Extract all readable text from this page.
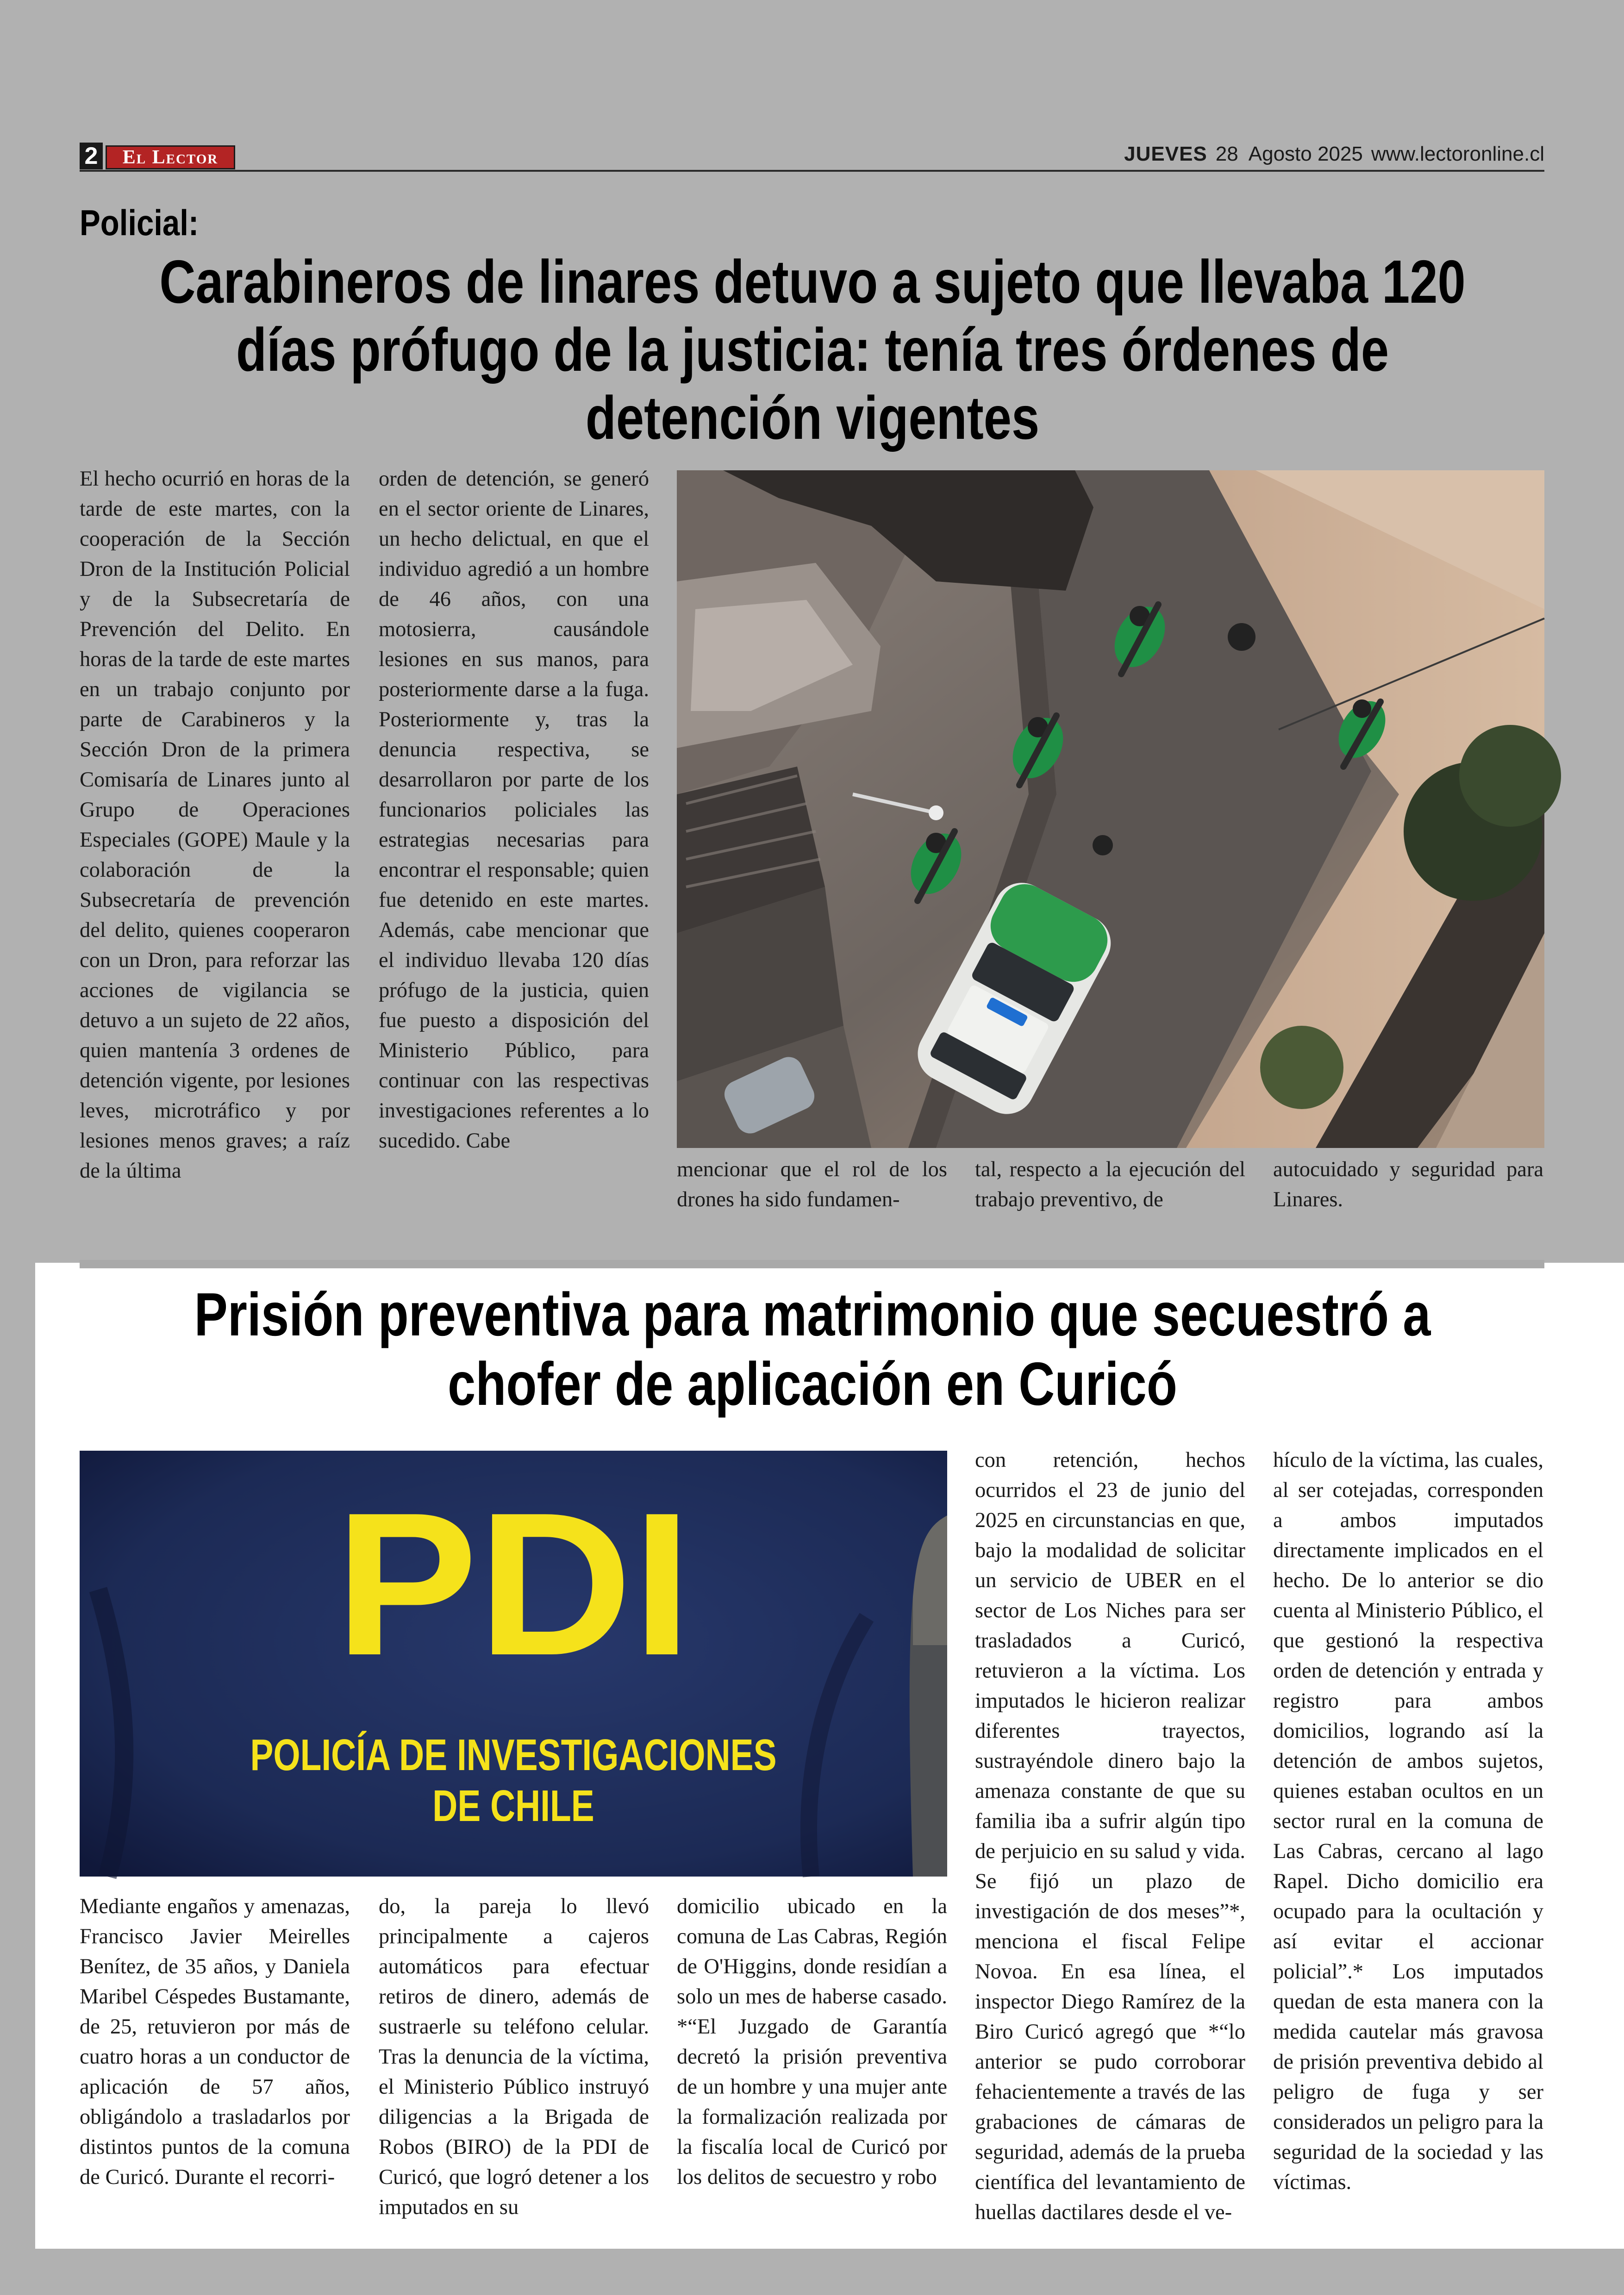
2 El Lector	JUEVES 28  Agosto 2025 www.lectoronline.cl
Policial:
Carabineros de linares detuvo a sujeto que llevaba 120
días prófugo de la justicia: tenía tres órdenes de
detención vigentes

El hecho ocurrió en horas de la tarde de este martes, con la cooperación de la Sección Dron de la Institución Policial y de la Subsecretaría de Prevención del Delito. En horas de la tarde de este martes en un trabajo conjunto por parte de Carabineros y la Sección Dron de la primera Comisaría de Linares junto al Grupo de Operaciones Especiales (GOPE) Maule y la colaboración de la Subsecretaría de prevención del delito, quienes cooperaron con un Dron, para reforzar las acciones de vigilancia se detuvo a un sujeto de 22 años, quien mantenía 3 ordenes de detención vigente, por lesiones leves, microtráfico y por lesiones menos graves; a raíz de la última

orden de detención, se generó en el sector oriente de Linares, un hecho delictual, en que el individuo agredió a un hombre de 46 años, con una motosierra, causándole lesiones en sus manos, para posteriormente darse a la fuga. Posteriormente y, tras la denuncia respectiva, se desarrollaron por parte de los funcionarios policiales las estrategias necesarias para encontrar el responsable; quien fue detenido en este martes. Además, cabe mencionar que el individuo llevaba 120 días prófugo de la justicia, quien fue puesto a disposición del Ministerio Público, para continuar con las respectivas investigaciones referentes a lo sucedido. Cabe

mencionar que el rol de los drones ha sido fundamen-

tal, respecto a la ejecución del trabajo preventivo, de

autocuidado y seguridad para Linares.

Prisión preventiva para matrimonio que secuestró a
chofer de aplicación en Curicó
PDI
POLICÍA DE INVESTIGACIONES
DE CHILE

Mediante engaños y amenazas, Francisco Javier Meirelles Benítez, de 35 años, y Daniela Maribel Céspedes Bustamante, de 25, retuvieron por más de cuatro horas a un conductor de aplicación de 57 años, obligándolo a trasladarlos por distintos puntos de la comuna de Curicó. Durante el recorri-

do, la pareja lo llevó principalmente a cajeros automáticos para efectuar retiros de dinero, además de sustraerle su teléfono celular. Tras la denuncia de la víctima, el Ministerio Público instruyó diligencias a la Brigada de Robos (BIRO) de la PDI de Curicó, que logró detener a los imputados en su

domicilio ubicado en la comuna de Las Cabras, Región de O'Higgins, donde residían a solo un mes de haberse casado. *“El Juzgado de Garantía decretó la prisión preventiva de un hombre y una mujer ante la formalización realizada por la fiscalía local de Curicó por los delitos de secuestro y robo

con retención, hechos ocurridos el 23 de junio del 2025 en circunstancias en que, bajo la modalidad de solicitar un servicio de UBER en el sector de Los Niches para ser trasladados a Curicó, retuvieron a la víctima. Los imputados le hicieron realizar diferentes trayectos, sustrayéndole dinero bajo la amenaza constante de que su familia iba a sufrir algún tipo de perjuicio en su salud y vida. Se fijó un plazo de investigación de dos meses”*, menciona el fiscal Felipe Novoa. En esa línea, el inspector Diego Ramírez de la Biro Curicó agregó que *“lo anterior se pudo corroborar fehacientemente a través de las grabaciones de cámaras de seguridad, además de la prueba científica del levantamiento de huellas dactilares desde el ve-

hículo de la víctima, las cuales, al ser cotejadas, corresponden a ambos imputados directamente implicados en el hecho. De lo anterior se dio cuenta al Ministerio Público, el que gestionó la respectiva orden de detención y entrada y registro para ambos domicilios, logrando así la detención de ambos sujetos, quienes estaban ocultos en un sector rural en la comuna de Las Cabras, cercano al lago Rapel. Dicho domicilio era ocupado para la ocultación y así evitar el accionar policial”.* Los imputados quedan de esta manera con la medida cautelar más gravosa de prisión preventiva debido al peligro de fuga y ser considerados un peligro para la seguridad de la sociedad y las víctimas.
